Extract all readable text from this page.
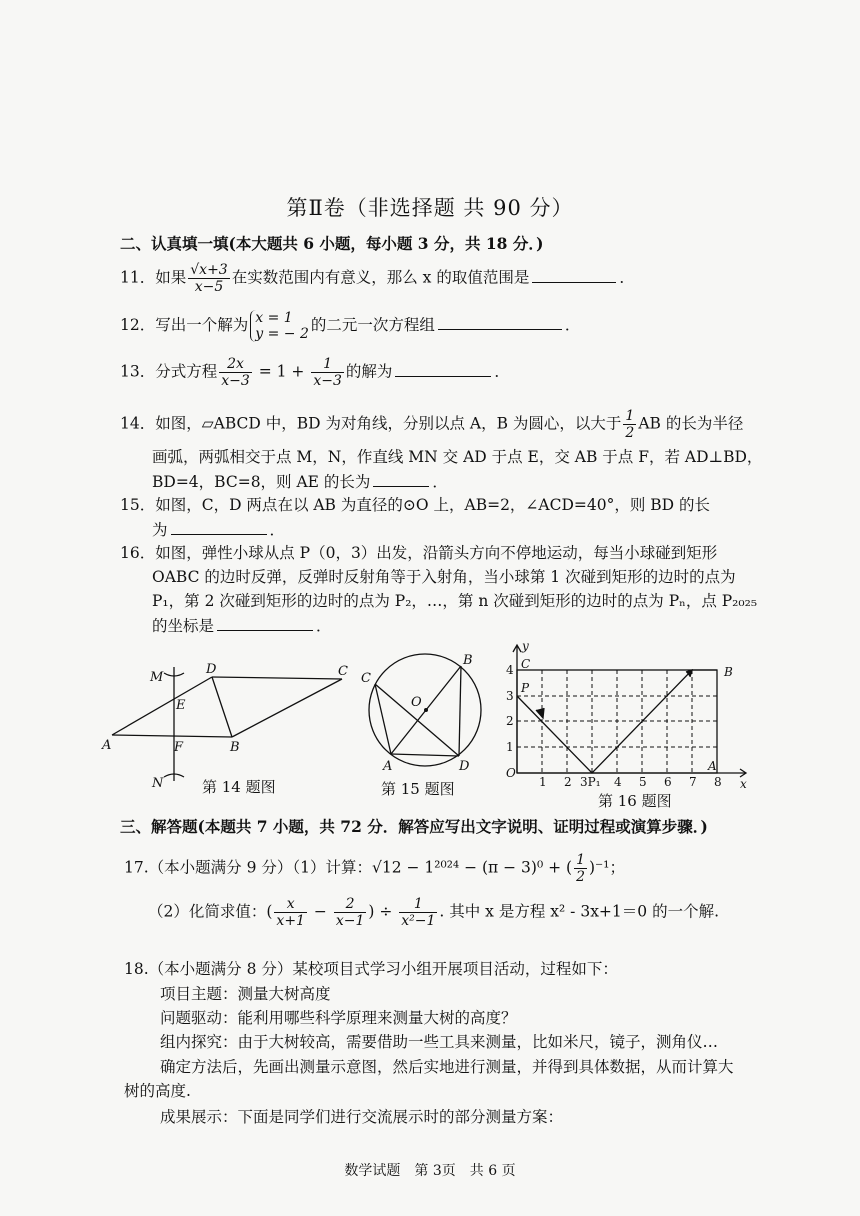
第Ⅱ卷（非选择题 共 90 分）
二、认真填一填(本大题共 6 小题，每小题 3 分，共 18 分．)
11．如果 $\frac{√x+3}{x-5}$ 在实数范围内有意义，那么 x 的取值范围是	．
12．写出一个解为 x = 1
y = − 2 的二元一次方程组	．
13．分式方程 $\frac{2x}{x-3} = 1 + \frac{1}{x-3}$ 的解为	．
14．如图，▱ABCD 中，BD 为对角线，分别以点 A，B 为圆心，以大于 $\frac{1}{2}$ AB 的长为半径
画弧，两弧相交于点 M，N，作直线 MN 交 AD 于点 E，交 AB 于点 F，若 AD⊥BD，
BD=4，BC=8，则 AE 的长为	．
15．如图，C，D 两点在以 AB 为直径的⊙O 上，AB=2，∠ACD=40°，则 BD 的长
为	．
16．如图，弹性小球从点 P（0，3）出发，沿箭头方向不停地运动，每当小球碰到矩形
OABC 的边时反弹，反弹时反射角等于入射角，当小球第 1 次碰到矩形的边时的点为
P₁，第 2 次碰到矩形的边时的点为 P₂，…，第 n 次碰到矩形的边时的点为 Pₙ，点 P₂₀₂₅
的坐标是	．
M
D	C
E
A	F	B
N	第 14 题图
C
B
O
A	D
第 15 题图
O
y
x
C
B
P
A
3P₁
1 2	4 5 6 7 8
1
2
3
4
第 16 题图
三、解答题(本题共 7 小题，共 72 分．解答应写出文字说明、证明过程或演算步骤．)
17.（本小题满分 9 分）（1）计算：√12 − 1²⁰²⁴ − (π − 3)⁰ + ( $\frac{1}{2} )^{-1}$；
（2）化简求值：( $\frac{x}{x+1} - \frac{2}{x-1}$ ) ÷ $\frac{1}{\text{x²−1}}$ . 其中 x 是方程 x² - 3x+1＝0 的一个解.
18.（本小题满分 8 分）某校项目式学习小组开展项目活动，过程如下：
项目主题：测量大树高度
问题驱动：能利用哪些科学原理来测量大树的高度？
组内探究：由于大树较高，需要借助一些工具来测量，比如米尺，镜子，测角仪…
确定方法后，先画出测量示意图，然后实地进行测量，并得到具体数据，从而计算大
树的高度.
成果展示：下面是同学们进行交流展示时的部分测量方案：
数学试题　第 3页　共 6 页
